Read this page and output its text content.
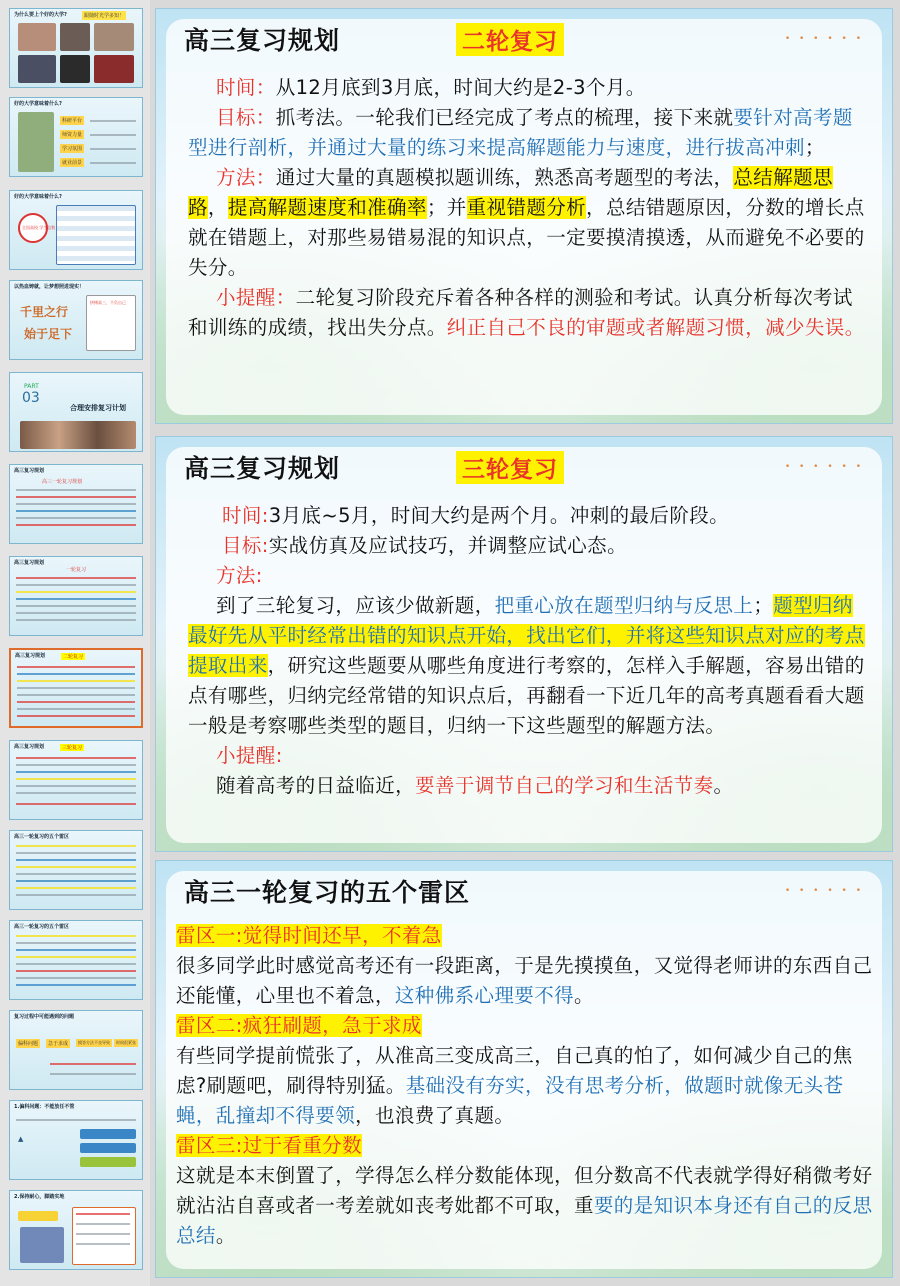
为什么要上个好的大学?	跟随时光学多知！
好的大学意味着什么?
科研平台
师资力量
学习氛围
就业前景
好的大学意味着什么?
全国高校 学生总数
以热血铸就，让梦想照进现实！
千里之行
始于足下
拼搏高三，不负自己
PART
03
合理安排复习计划
高三复习规划
高三一轮复习规划
高三复习规划
一轮复习
高三复习规划	二轮复习
高三复习规划	三轮复习
高三一轮复习的五个雷区
高三一轮复习的五个雷区
复习过程中可能遇到的问题
偏科问题	急于求成	摸答方法不良导致	时间很紧张
1.偏科问题：不能放任不管
▲
2.保持耐心，脚踏实地
• • • • • •
高三复习规划	二轮复习
时间：从12月底到3月底，时间大约是2-3个月。
目标：抓考法。一轮我们已经完成了考点的梳理，接下来就要针对高考题型进行剖析，并通过大量的练习来提高解题能力与速度，进行拔高冲刺；
方法：通过大量的真题模拟题训练，熟悉高考题型的考法，总结解题思路，提高解题速度和准确率；并重视错题分析，总结错题原因，分数的增长点就在错题上，对那些易错易混的知识点，一定要摸清摸透，从而避免不必要的失分。
小提醒：二轮复习阶段充斥着各种各样的测验和考试。认真分析每次考试和训练的成绩，找出失分点。纠正自己不良的审题或者解题习惯，减少失误。
• • • • • •
高三复习规划	三轮复习
时间:3月底~5月，时间大约是两个月。冲刺的最后阶段。
目标:实战仿真及应试技巧，并调整应试心态。
方法:
到了三轮复习，应该少做新题，把重心放在题型归纳与反思上；题型归纳最好先从平时经常出错的知识点开始，找出它们，并将这些知识点对应的考点提取出来，研究这些题要从哪些角度进行考察的，怎样入手解题，容易出错的点有哪些，归纳完经常错的知识点后，再翻看一下近几年的高考真题看看大题一般是考察哪些类型的题目，归纳一下这些题型的解题方法。
小提醒:
随着高考的日益临近，要善于调节自己的学习和生活节奏。
• • • • • •
高三一轮复习的五个雷区
雷区一:觉得时间还早，不着急
很多同学此时感觉高考还有一段距离，于是先摸摸鱼，又觉得老师讲的东西自己还能懂，心里也不着急，这种佛系心理要不得。
雷区二:疯狂刷题，急于求成
有些同学提前慌张了，从准高三变成高三，自己真的怕了，如何减少自己的焦虑?刷题吧，刷得特别猛。基础没有夯实，没有思考分析，做题时就像无头苍蝇，乱撞却不得要领，也浪费了真题。
雷区三:过于看重分数
这就是本末倒置了，学得怎么样分数能体现，但分数高不代表就学得好稍微考好就沾沾自喜或者一考差就如丧考妣都不可取，重要的是知识本身还有自己的反思总结。
